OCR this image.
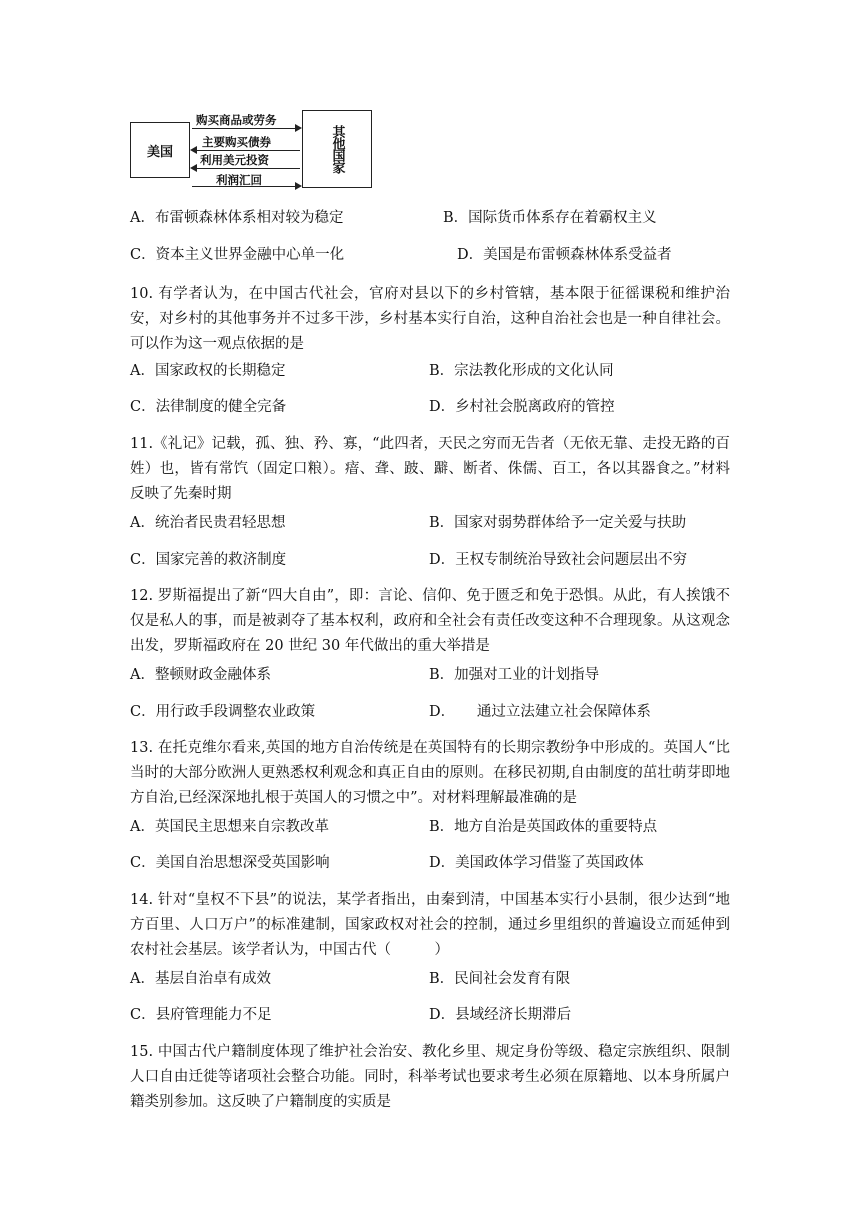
美国	其他国家
购买商品或劳务
主要购买债券
利用美元投资
利润汇回
A．布雷顿森林体系相对较为稳定	B．国际货币体系存在着霸权主义
C．资本主义世界金融中心单一化	D．美国是布雷顿森林体系受益者
10. 有学者认为，在中国古代社会，官府对县以下的乡村管辖，基本限于征徭课税和维护治安，对乡村的其他事务并不过多干涉，乡村基本实行自治，这种自治社会也是一种自律社会。可以作为这一观点依据的是
A．国家政权的长期稳定	B．宗法教化形成的文化认同
C．法律制度的健全完备	D．乡村社会脱离政府的管控
11.《礼记》记载，孤、独、矜、寡，“此四者，天民之穷而无告者（无依无靠、走投无路的百姓）也，皆有常饩（固定口粮）。瘖、聋、跛、躃、断者、侏儒、百工，各以其器食之。”材料反映了先秦时期
A．统治者民贵君轻思想	B．国家对弱势群体给予一定关爱与扶助
C．国家完善的救济制度	D．王权专制统治导致社会问题层出不穷
12. 罗斯福提出了新“四大自由”，即：言论、信仰、免于匮乏和免于恐惧。从此，有人挨饿不仅是私人的事，而是被剥夺了基本权利，政府和全社会有责任改变这种不合理现象。从这观念出发，罗斯福政府在 20 世纪 30 年代做出的重大举措是
A．整顿财政金融体系	B．加强对工业的计划指导
C．用行政手段调整农业政策	D．　　通过立法建立社会保障体系
13. 在托克维尔看来,英国的地方自治传统是在英国特有的长期宗教纷争中形成的。英国人“比当时的大部分欧洲人更熟悉权利观念和真正自由的原则。在移民初期,自由制度的茁壮萌芽即地方自治,已经深深地扎根于英国人的习惯之中”。对材料理解最准确的是
A．英国民主思想来自宗教改革	B．地方自治是英国政体的重要特点
C．美国自治思想深受英国影响	D．美国政体学习借鉴了英国政体
14. 针对“皇权不下县”的说法，某学者指出，由秦到清，中国基本实行小县制，很少达到“地方百里、人口万户”的标准建制，国家政权对社会的控制，通过乡里组织的普遍设立而延伸到农村社会基层。该学者认为，中国古代（　　　）
A．基层自治卓有成效	B．民间社会发育有限
C．县府管理能力不足	D．县域经济长期滞后
15. 中国古代户籍制度体现了维护社会治安、教化乡里、规定身份等级、稳定宗族组织、限制人口自由迁徙等诸项社会整合功能。同时，科举考试也要求考生必须在原籍地、以本身所属户籍类别参加。这反映了户籍制度的实质是
